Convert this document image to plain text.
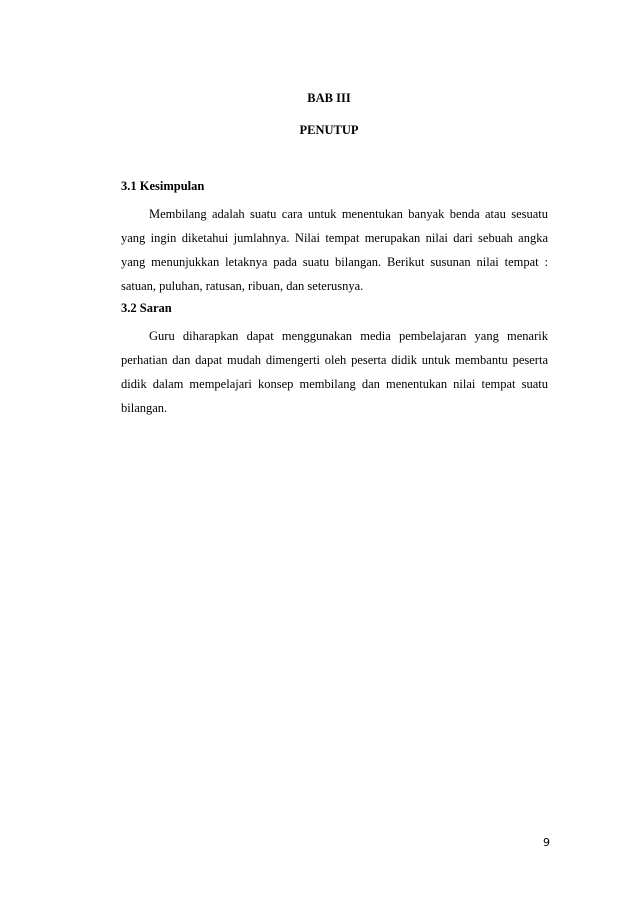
BAB III
PENUTUP
3.1 Kesimpulan

Membilang adalah suatu cara untuk menentukan banyak benda atau sesuatu yang ingin diketahui jumlahnya. Nilai tempat merupakan nilai dari sebuah angka yang menunjukkan letaknya pada suatu bilangan. Berikut susunan nilai tempat : satuan, puluhan, ratusan, ribuan, dan seterusnya.

3.2 Saran

Guru diharapkan dapat menggunakan media pembelajaran yang menarik perhatian dan dapat mudah dimengerti oleh peserta didik untuk membantu peserta didik dalam mempelajari konsep membilang dan menentukan nilai tempat suatu bilangan.

9
